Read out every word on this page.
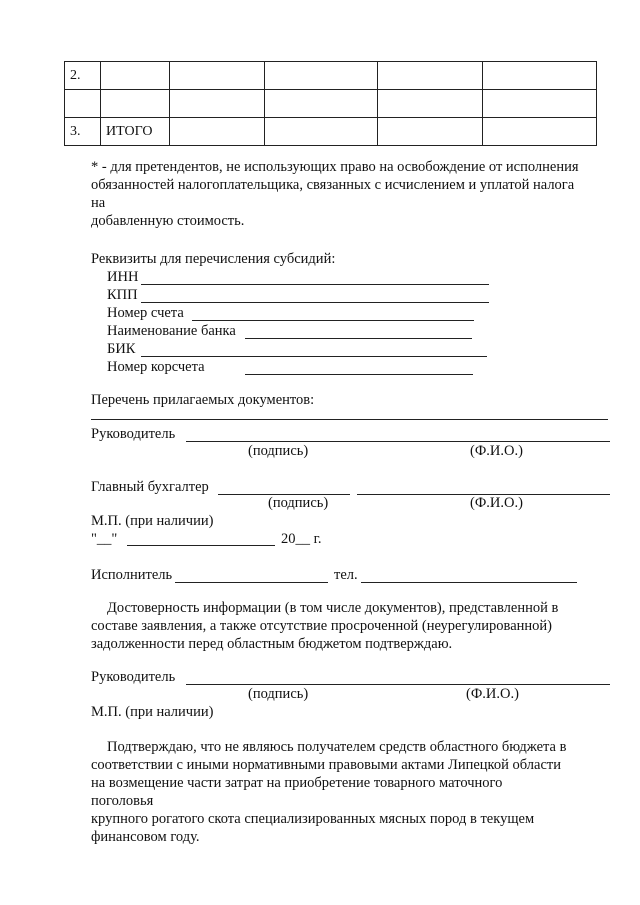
2.					

3.	ИТОГО				
* - для претендентов, не использующих право на освобождение от исполнения
обязанностей налогоплательщика, связанных с исчислением и уплатой налога
на
добавленную стоимость.
Реквизиты для перечисления субсидий:
ИНН
КПП
Номер счета
Наименование банка
БИК
Номер корсчета
Перечень прилагаемых документов:
Руководитель
(подпись)	(Ф.И.О.)
Главный бухгалтер
(подпись)	(Ф.И.О.)
М.П. (при наличии)
"__"	20__ г.
Исполнитель	тел.
Достоверность информации (в том числе документов), представленной в
составе заявления, а также отсутствие просроченной (неурегулированной)
задолженности перед областным бюджетом подтверждаю.
Руководитель
(подпись)	(Ф.И.О.)
М.П. (при наличии)
Подтверждаю, что не являюсь получателем средств областного бюджета в
соответствии с иными нормативными правовыми актами Липецкой области
на возмещение части затрат на приобретение товарного маточного
поголовья
крупного рогатого скота специализированных мясных пород в текущем
финансовом году.
